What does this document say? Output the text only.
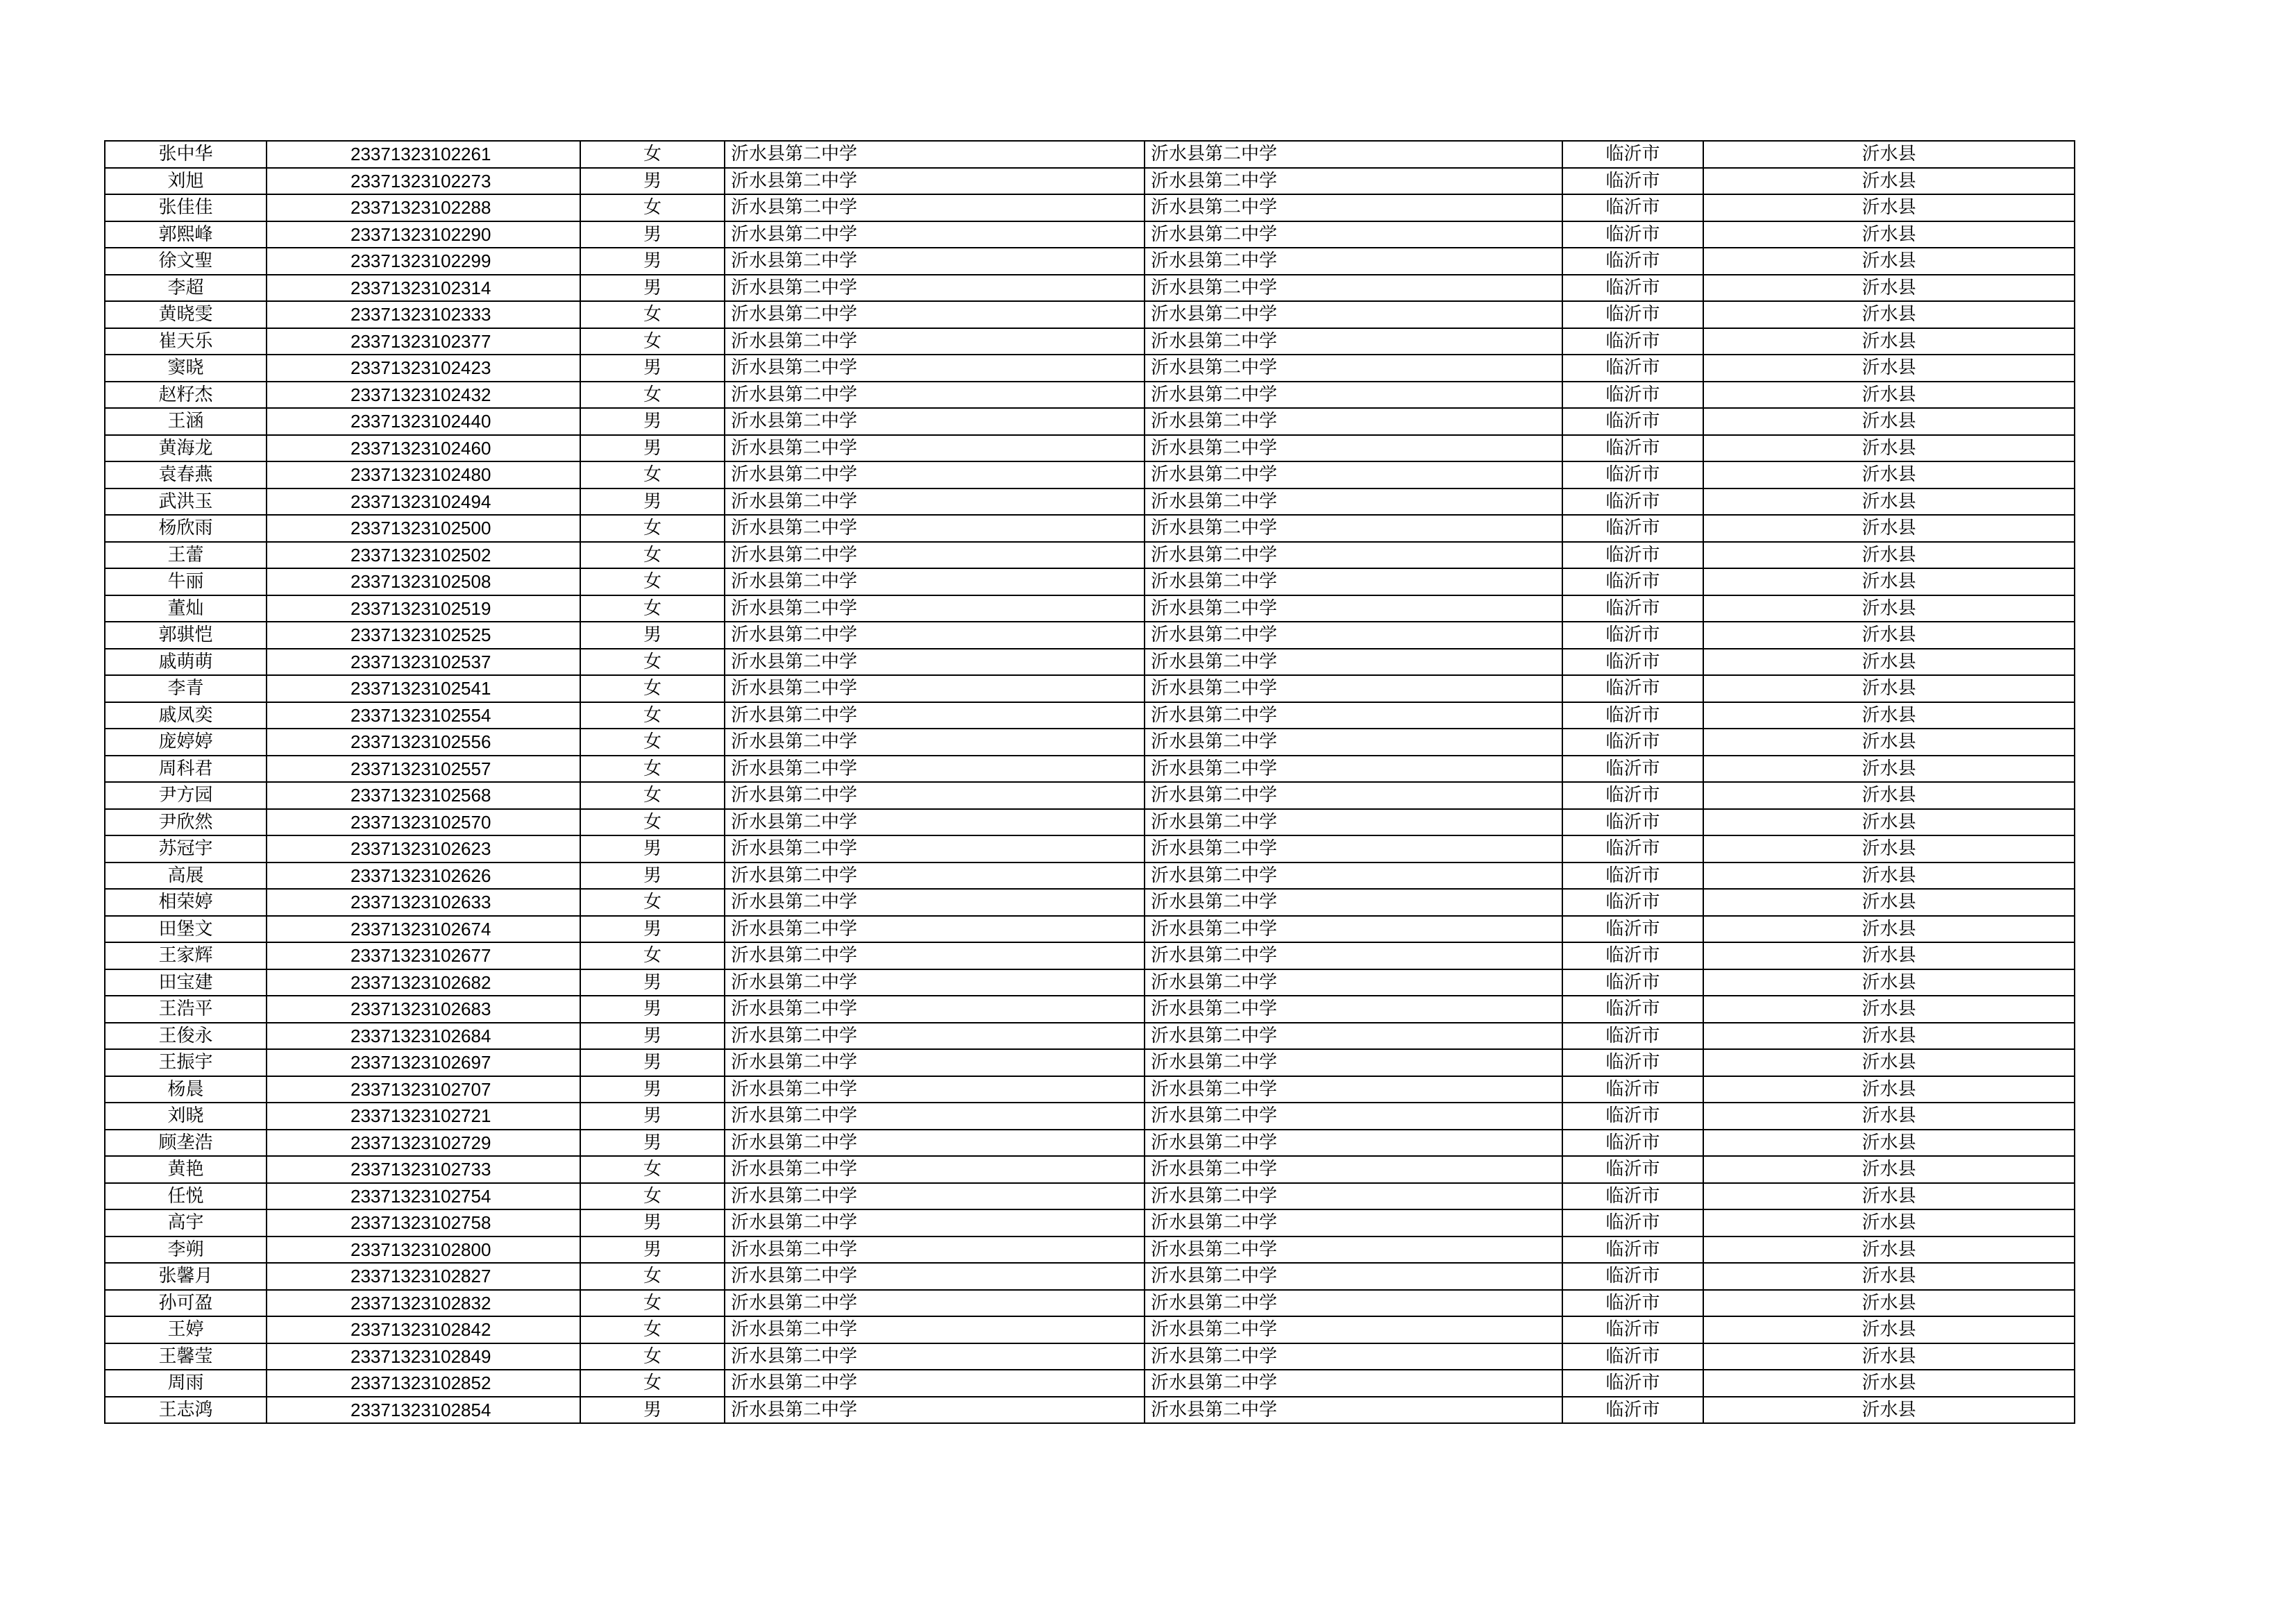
张中华	23371323102261	女	沂水县第二中学	沂水县第二中学	临沂市	沂水县
刘旭	23371323102273	男	沂水县第二中学	沂水县第二中学	临沂市	沂水县
张佳佳	23371323102288	女	沂水县第二中学	沂水县第二中学	临沂市	沂水县
郭熙峰	23371323102290	男	沂水县第二中学	沂水县第二中学	临沂市	沂水县
徐文聖	23371323102299	男	沂水县第二中学	沂水县第二中学	临沂市	沂水县
李超	23371323102314	男	沂水县第二中学	沂水县第二中学	临沂市	沂水县
黄晓雯	23371323102333	女	沂水县第二中学	沂水县第二中学	临沂市	沂水县
崔天乐	23371323102377	女	沂水县第二中学	沂水县第二中学	临沂市	沂水县
窦晓	23371323102423	男	沂水县第二中学	沂水县第二中学	临沂市	沂水县
赵籽杰	23371323102432	女	沂水县第二中学	沂水县第二中学	临沂市	沂水县
王涵	23371323102440	男	沂水县第二中学	沂水县第二中学	临沂市	沂水县
黄海龙	23371323102460	男	沂水县第二中学	沂水县第二中学	临沂市	沂水县
袁春燕	23371323102480	女	沂水县第二中学	沂水县第二中学	临沂市	沂水县
武洪玉	23371323102494	男	沂水县第二中学	沂水县第二中学	临沂市	沂水县
杨欣雨	23371323102500	女	沂水县第二中学	沂水县第二中学	临沂市	沂水县
王蕾	23371323102502	女	沂水县第二中学	沂水县第二中学	临沂市	沂水县
牛丽	23371323102508	女	沂水县第二中学	沂水县第二中学	临沂市	沂水县
董灿	23371323102519	女	沂水县第二中学	沂水县第二中学	临沂市	沂水县
郭骐恺	23371323102525	男	沂水县第二中学	沂水县第二中学	临沂市	沂水县
戚萌萌	23371323102537	女	沂水县第二中学	沂水县第二中学	临沂市	沂水县
李青	23371323102541	女	沂水县第二中学	沂水县第二中学	临沂市	沂水县
戚凤奕	23371323102554	女	沂水县第二中学	沂水县第二中学	临沂市	沂水县
庞婷婷	23371323102556	女	沂水县第二中学	沂水县第二中学	临沂市	沂水县
周科君	23371323102557	女	沂水县第二中学	沂水县第二中学	临沂市	沂水县
尹方园	23371323102568	女	沂水县第二中学	沂水县第二中学	临沂市	沂水县
尹欣然	23371323102570	女	沂水县第二中学	沂水县第二中学	临沂市	沂水县
苏冠宇	23371323102623	男	沂水县第二中学	沂水县第二中学	临沂市	沂水县
高展	23371323102626	男	沂水县第二中学	沂水县第二中学	临沂市	沂水县
相荣婷	23371323102633	女	沂水县第二中学	沂水县第二中学	临沂市	沂水县
田堡文	23371323102674	男	沂水县第二中学	沂水县第二中学	临沂市	沂水县
王家辉	23371323102677	女	沂水县第二中学	沂水县第二中学	临沂市	沂水县
田宝建	23371323102682	男	沂水县第二中学	沂水县第二中学	临沂市	沂水县
王浩平	23371323102683	男	沂水县第二中学	沂水县第二中学	临沂市	沂水县
王俊永	23371323102684	男	沂水县第二中学	沂水县第二中学	临沂市	沂水县
王振宇	23371323102697	男	沂水县第二中学	沂水县第二中学	临沂市	沂水县
杨晨	23371323102707	男	沂水县第二中学	沂水县第二中学	临沂市	沂水县
刘晓	23371323102721	男	沂水县第二中学	沂水县第二中学	临沂市	沂水县
顾垄浩	23371323102729	男	沂水县第二中学	沂水县第二中学	临沂市	沂水县
黄艳	23371323102733	女	沂水县第二中学	沂水县第二中学	临沂市	沂水县
任悦	23371323102754	女	沂水县第二中学	沂水县第二中学	临沂市	沂水县
高宇	23371323102758	男	沂水县第二中学	沂水县第二中学	临沂市	沂水县
李朔	23371323102800	男	沂水县第二中学	沂水县第二中学	临沂市	沂水县
张馨月	23371323102827	女	沂水县第二中学	沂水县第二中学	临沂市	沂水县
孙可盈	23371323102832	女	沂水县第二中学	沂水县第二中学	临沂市	沂水县
王婷	23371323102842	女	沂水县第二中学	沂水县第二中学	临沂市	沂水县
王馨莹	23371323102849	女	沂水县第二中学	沂水县第二中学	临沂市	沂水县
周雨	23371323102852	女	沂水县第二中学	沂水县第二中学	临沂市	沂水县
王志鸿	23371323102854	男	沂水县第二中学	沂水县第二中学	临沂市	沂水县
